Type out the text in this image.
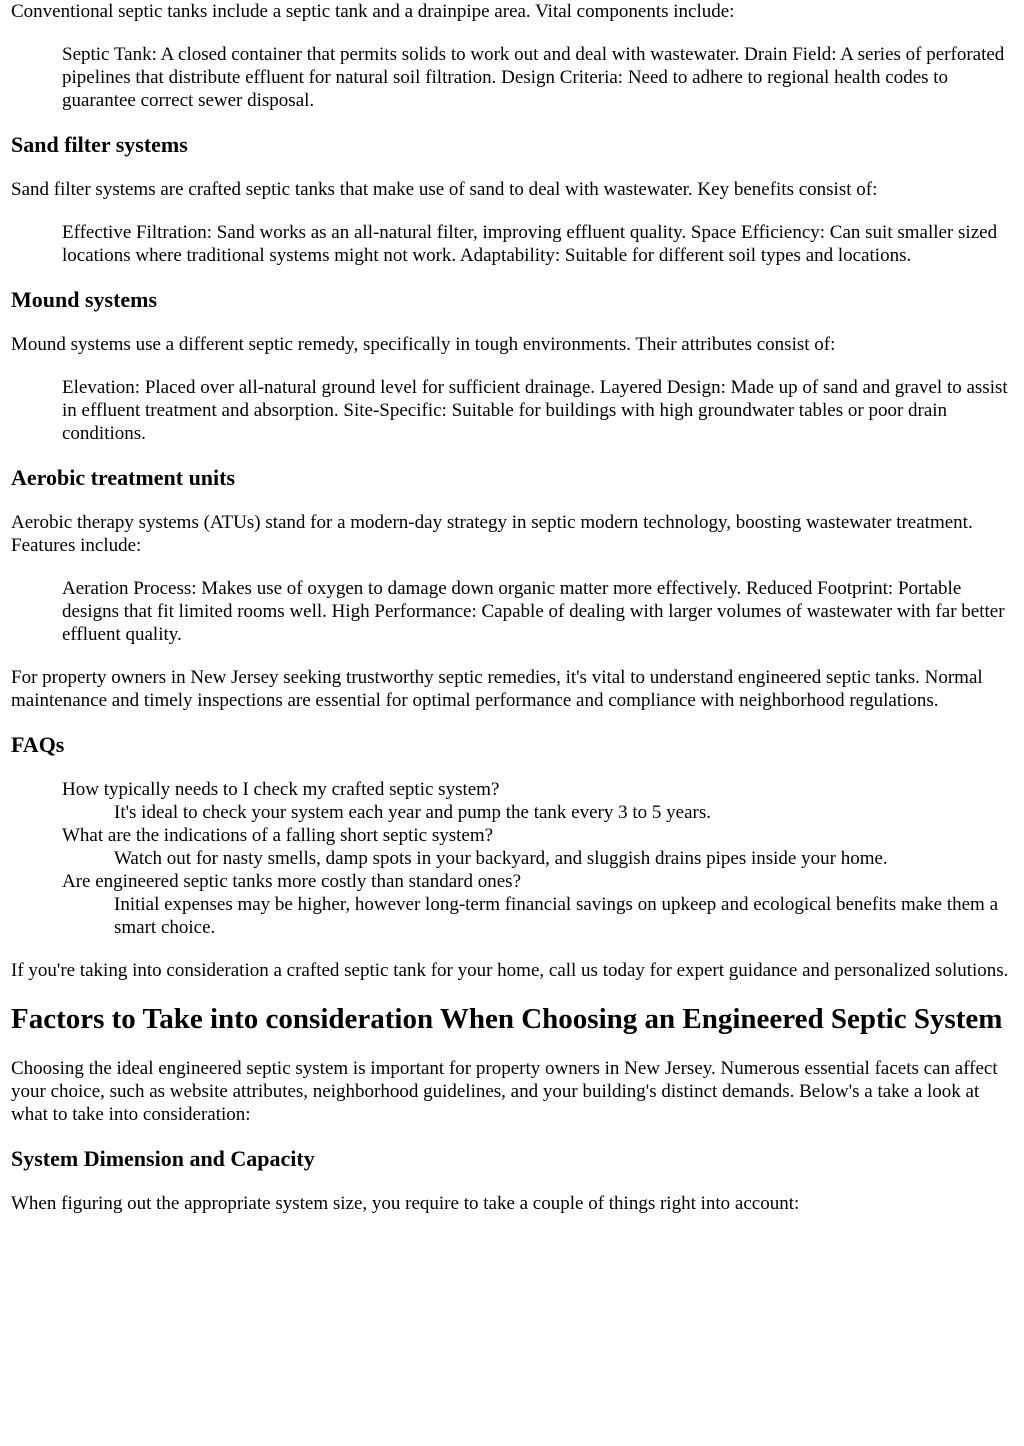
Conventional septic tanks include a septic tank and a drainpipe area. Vital components include:

Septic Tank: A closed container that permits solids to work out and deal with wastewater. Drain Field: A series of perforated pipelines that distribute effluent for natural soil filtration. Design Criteria: Need to adhere to regional health codes to guarantee correct sewer disposal.
Sand filter systems

Sand filter systems are crafted septic tanks that make use of sand to deal with wastewater. Key benefits consist of:

Effective Filtration: Sand works as an all-natural filter, improving effluent quality. Space Efficiency: Can suit smaller sized locations where traditional systems might not work. Adaptability: Suitable for different soil types and locations.
Mound systems

Mound systems use a different septic remedy, specifically in tough environments. Their attributes consist of:

Elevation: Placed over all-natural ground level for sufficient drainage. Layered Design: Made up of sand and gravel to assist in effluent treatment and absorption. Site-Specific: Suitable for buildings with high groundwater tables or poor drain conditions.
Aerobic treatment units

Aerobic therapy systems (ATUs) stand for a modern-day strategy in septic modern technology, boosting wastewater treatment. Features include:

Aeration Process: Makes use of oxygen to damage down organic matter more effectively. Reduced Footprint: Portable designs that fit limited rooms well. High Performance: Capable of dealing with larger volumes of wastewater with far better effluent quality.

For property owners in New Jersey seeking trustworthy septic remedies, it's vital to understand engineered septic tanks. Normal maintenance and timely inspections are essential for optimal performance and compliance with neighborhood regulations.

FAQs
How typically needs to I check my crafted septic system?
It's ideal to check your system each year and pump the tank every 3 to 5 years.
What are the indications of a falling short septic system?
Watch out for nasty smells, damp spots in your backyard, and sluggish drains pipes inside your home.
Are engineered septic tanks more costly than standard ones?
Initial expenses may be higher, however long-term financial savings on upkeep and ecological benefits make them a smart choice.

If you're taking into consideration a crafted septic tank for your home, call us today for expert guidance and personalized solutions.

Factors to Take into consideration When Choosing an Engineered Septic System

Choosing the ideal engineered septic system is important for property owners in New Jersey. Numerous essential facets can affect your choice, such as website attributes, neighborhood guidelines, and your building's distinct demands. Below's a take a look at what to take into consideration:

System Dimension and Capacity

When figuring out the appropriate system size, you require to take a couple of things right into account:
